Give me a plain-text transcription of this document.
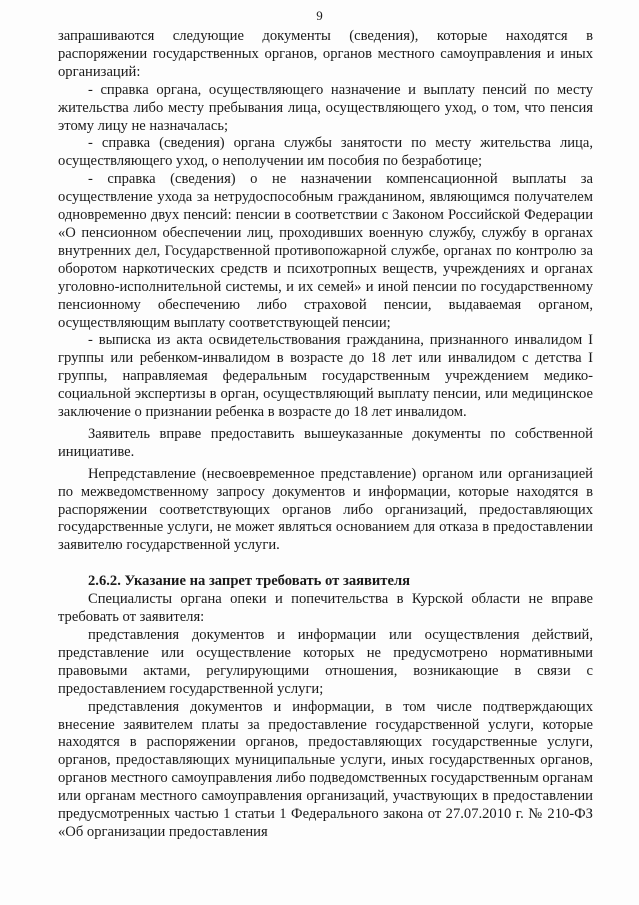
9

запрашиваются следующие документы (сведения), которые находятся в распоряжении государственных органов, органов местного самоуправления и иных организаций:

- справка органа, осуществляющего назначение и выплату пенсий по месту жительства либо месту пребывания лица, осуществляющего уход, о том, что пенсия этому лицу не назначалась;

- справка (сведения) органа службы занятости по месту жительства лица, осуществляющего уход, о неполучении им пособия по безработице;

- справка (сведения) о не назначении компенсационной выплаты за осуществление ухода за нетрудоспособным гражданином, являющимся получателем одновременно двух пенсий: пенсии в соответствии с Законом Российской Федерации «О пенсионном обеспечении лиц, проходивших военную службу, службу в органах внутренних дел, Государственной противопожарной службе, органах по контролю за оборотом наркотических средств и психотропных веществ, учреждениях и органах уголовно-исполнительной системы, и их семей» и иной пенсии по государственному пенсионному обеспечению либо страховой пенсии, выдаваемая органом, осуществляющим выплату соответствующей пенсии;

- выписка из акта освидетельствования гражданина, признанного инвалидом I группы или ребенком-инвалидом в возрасте до 18 лет или инвалидом с детства I группы, направляемая федеральным государственным учреждением медико-социальной экспертизы в орган, осуществляющий выплату пенсии, или медицинское заключение о признании ребенка в возрасте до 18 лет инвалидом.

Заявитель вправе предоставить вышеуказанные документы по собственной инициативе.

Непредставление (несвоевременное представление) органом или организацией по межведомственному запросу документов и информации, которые находятся в распоряжении соответствующих органов либо организаций, предоставляющих государственные услуги, не может являться основанием для отказа в предоставлении заявителю государственной услуги.

2.6.2. Указание на запрет требовать от заявителя

Специалисты органа опеки и попечительства в Курской области не вправе требовать от заявителя:

представления документов и информации или осуществления действий, представление или осуществление которых не предусмотрено нормативными правовыми актами, регулирующими отношения, возникающие в связи с предоставлением государственной услуги;

представления документов и информации, в том числе подтверждающих внесение заявителем платы за предоставление государственной услуги, которые находятся в распоряжении органов, предоставляющих государственные услуги, органов, предоставляющих муниципальные услуги, иных государственных органов, органов местного самоуправления либо подведомственных государственным органам или органам местного самоуправления организаций, участвующих в предоставлении предусмотренных частью 1 статьи 1 Федерального закона от 27.07.2010 г. № 210-ФЗ «Об организации предоставления
